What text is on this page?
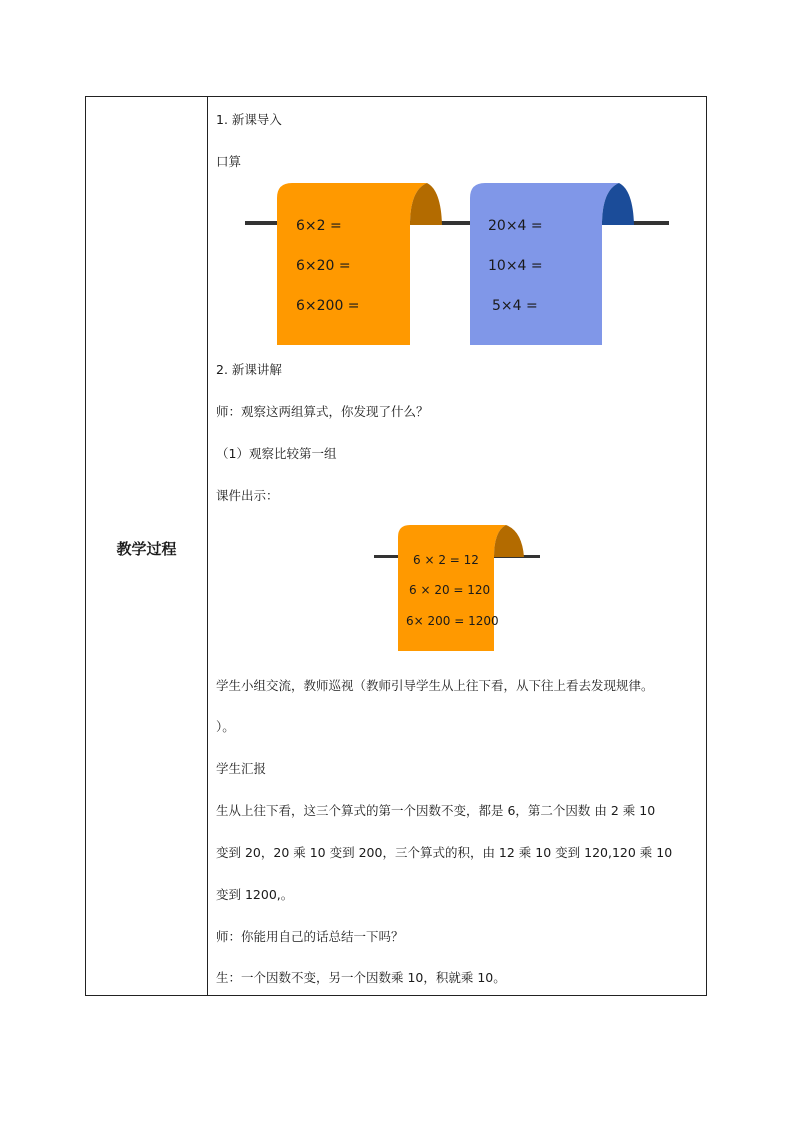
教学过程
1. 新课导入
口算
6×2 =
6×20 =
6×200 =
20×4 =
10×4 =
5×4 =
2. 新课讲解
师：观察这两组算式，你发现了什么？
（1）观察比较第一组
课件出示：
6 × 2 = 12
6 × 20 = 120
6× 200 = 1200
学生小组交流，教师巡视（教师引导学生从上往下看，从下往上看去发现规律。
）。
学生汇报
生从上往下看，这三个算式的第一个因数不变，都是 6，第二个因数 由 2 乘 10
变到 20，20 乘 10 变到 200，三个算式的积，由 12 乘 10 变到 120,120 乘 10
变到 1200,。
师：你能用自己的话总结一下吗？
生：一个因数不变，另一个因数乘 10，积就乘 10。
